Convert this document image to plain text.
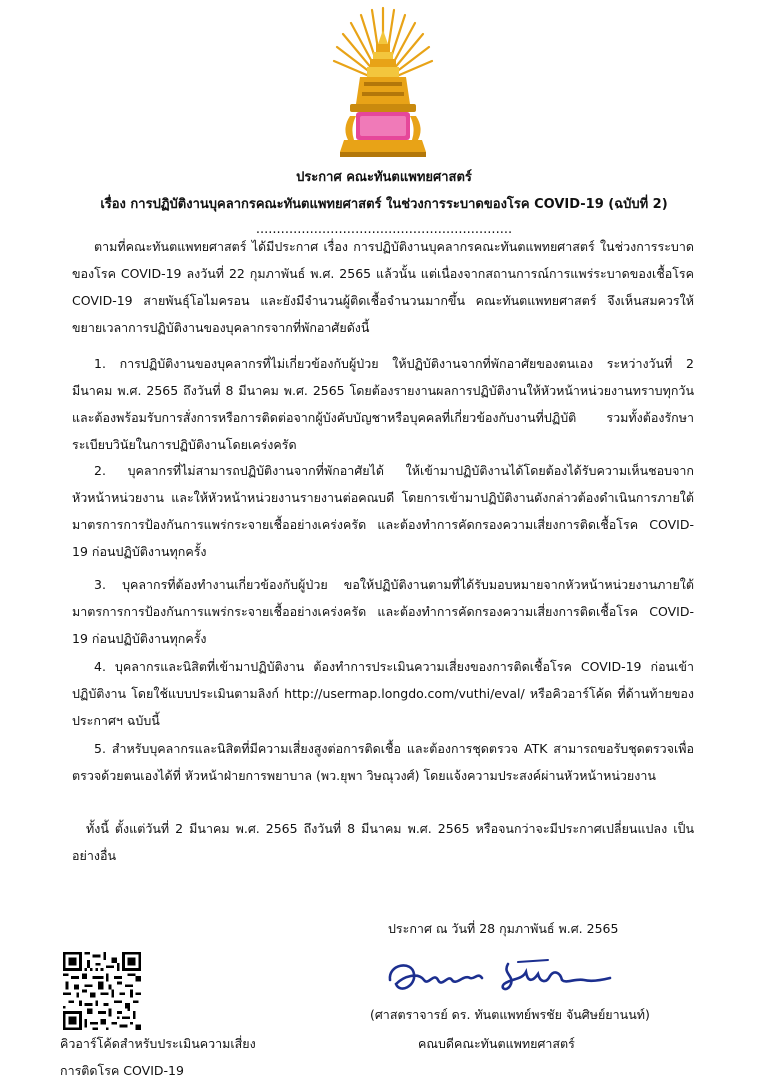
ประกาศ คณะทันตแพทยศาสตร์
เรื่อง การปฏิบัติงานบุคลากรคณะทันตแพทยศาสตร์ ในช่วงการระบาดของโรค COVID-19 (ฉบับที่ 2)
..............................................................
ตามที่คณะทันตแพทยศาสตร์ ได้มีประกาศ เรื่อง การปฏิบัติงานบุคลากรคณะทันตแพทยศาสตร์ ในช่วงการระบาดของโรค COVID-19 ลงวันที่ 22 กุมภาพันธ์ พ.ศ. 2565 แล้วนั้น แต่เนื่องจากสถานการณ์การแพร่ระบาดของเชื้อโรค COVID-19 สายพันธุ์โอไมครอน และยังมีจำนวนผู้ติดเชื้อจำนวนมากขึ้น คณะทันตแพทยศาสตร์ จึงเห็นสมควรให้ขยายเวลาการปฏิบัติงานของบุคลากรจากที่พักอาศัยดังนี้
1. การปฏิบัติงานของบุคลากรที่ไม่เกี่ยวข้องกับผู้ป่วย ให้ปฏิบัติงานจากที่พักอาศัยของตนเอง ระหว่างวันที่ 2 มีนาคม พ.ศ. 2565 ถึงวันที่ 8 มีนาคม พ.ศ. 2565 โดยต้องรายงานผลการปฏิบัติงานให้หัวหน้าหน่วยงานทราบทุกวัน และต้องพร้อมรับการสั่งการหรือการติดต่อจากผู้บังคับบัญชาหรือบุคคลที่เกี่ยวข้องกับงานที่ปฏิบัติ รวมทั้งต้องรักษาระเบียบวินัยในการปฏิบัติงานโดยเคร่งครัด
2. บุคลากรที่ไม่สามารถปฏิบัติงานจากที่พักอาศัยได้ ให้เข้ามาปฏิบัติงานได้โดยต้องได้รับความเห็นชอบจากหัวหน้าหน่วยงาน และให้หัวหน้าหน่วยงานรายงานต่อคณบดี โดยการเข้ามาปฏิบัติงานดังกล่าวต้องดำเนินการภายใต้มาตรการการป้องกันการแพร่กระจายเชื้ออย่างเคร่งครัด และต้องทำการคัดกรองความเสี่ยงการติดเชื้อโรค COVID-19 ก่อนปฏิบัติงานทุกครั้ง
3. บุคลากรที่ต้องทำงานเกี่ยวข้องกับผู้ป่วย ขอให้ปฏิบัติงานตามที่ได้รับมอบหมายจากหัวหน้าหน่วยงานภายใต้มาตรการการป้องกันการแพร่กระจายเชื้ออย่างเคร่งครัด และต้องทำการคัดกรองความเสี่ยงการติดเชื้อโรค COVID-19 ก่อนปฏิบัติงานทุกครั้ง
4. บุคลากรและนิสิตที่เข้ามาปฏิบัติงาน ต้องทำการประเมินความเสี่ยงของการติดเชื้อโรค COVID-19 ก่อนเข้าปฏิบัติงาน โดยใช้แบบประเมินตามลิงก์ http://usermap.longdo.com/vuthi/eval/ หรือคิวอาร์โค้ด ที่ด้านท้ายของประกาศฯ ฉบับนี้
5. สำหรับบุคลากรและนิสิตที่มีความเสี่ยงสูงต่อการติดเชื้อ และต้องการชุดตรวจ ATK สามารถขอรับชุดตรวจเพื่อตรวจด้วยตนเองได้ที่ หัวหน้าฝ่ายการพยาบาล (พว.ยุพา วิษณุวงศ์) โดยแจ้งความประสงค์ผ่านหัวหน้าหน่วยงาน
ทั้งนี้ ตั้งแต่วันที่ 2 มีนาคม พ.ศ. 2565 ถึงวันที่ 8 มีนาคม พ.ศ. 2565 หรือจนกว่าจะมีประกาศเปลี่ยนแปลง เป็นอย่างอื่น
ประกาศ ณ วันที่ 28 กุมภาพันธ์ พ.ศ. 2565
(ศาสตราจารย์ ดร. ทันตแพทย์พรชัย จันศิษย์ยานนท์)
คณบดีคณะทันตแพทยศาสตร์
คิวอาร์โค้ดสำหรับประเมินความเสี่ยง
การติดโรค COVID-19
